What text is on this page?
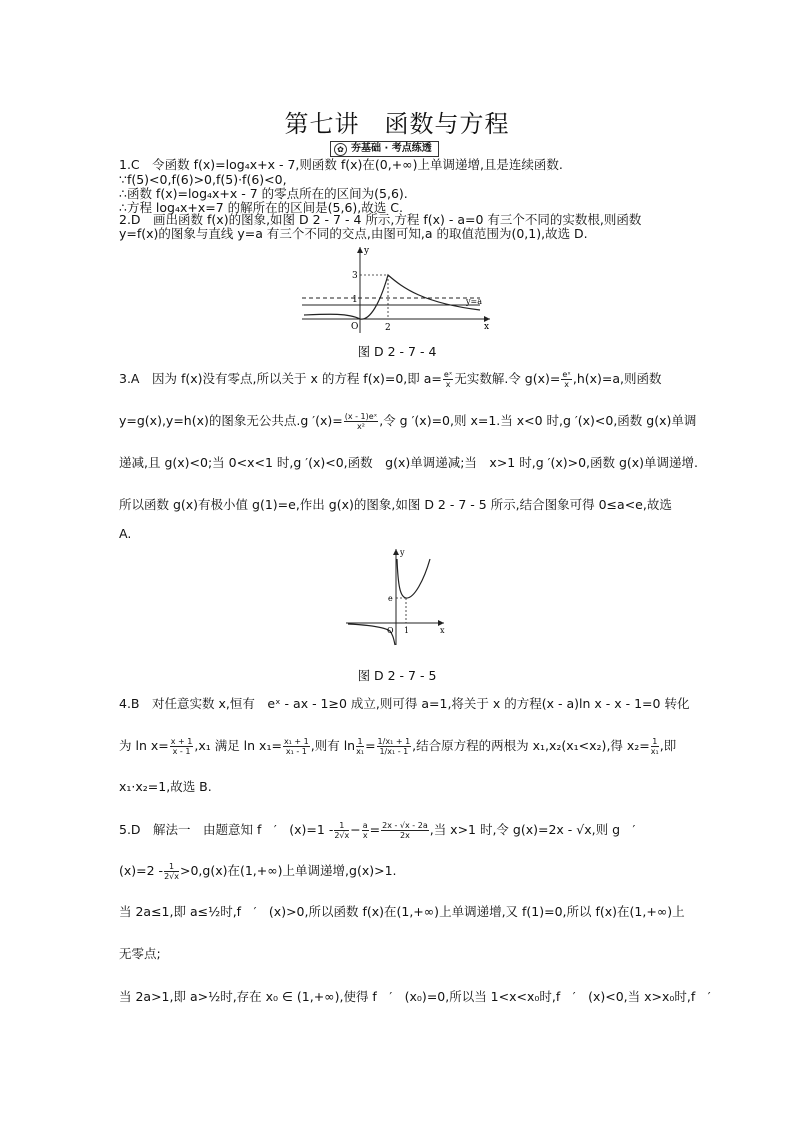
第七讲　函数与方程
✿ 夯基础 · 考点练透
1.C　令函数 f(x)=log₄x+x - 7,则函数 f(x)在(0,+∞)上单调递增,且是连续函数.
∵f(5)<0,f(6)>0,f(5)·f(6)<0,
∴函数 f(x)=log₄x+x - 7 的零点所在的区间为(5,6).
∴方程 log₄x+x=7 的解所在的区间是(5,6),故选 C.
2.D　画出函数 f(x)的图象,如图 D 2 - 7 - 4 所示,方程 f(x) - a=0 有三个不同的实数根,则函数
y=f(x)的图象与直线 y=a 有三个不同的交点,由图可知,a 的取值范围为(0,1),故选 D.
y
x
O
3
1
2
y=a
图 D 2 - 7 - 4
3.A　因为 f(x)没有零点,所以关于 x 的方程 f(x)=0,即 $a= \frac{\text{eˣ}}{x}$ 无实数解.令 $g(x)= \frac{\text{eˣ}}{x} ,h(x)=a$,则函数
y=g(x),y=h(x)的图象无公共点.g $'(x)= \frac{\text{(x - 1)eˣ}}{\text{x²}}$ ,令 g ′(x)=0,则 x=1.当 x<0 时,g ′(x)<0,函数 g(x)单调
递减,且 g(x)<0;当 0<x<1 时,g ′(x)<0,函数　g(x)单调递减;当　x>1 时,g ′(x)>0,函数 g(x)单调递增.
所以函数 g(x)有极小值 g(1)=e,作出 g(x)的图象,如图 D 2 - 7 - 5 所示,结合图象可得 0≤a<e,故选
A.
y
x
O
e
1
图 D 2 - 7 - 5
4.B　对任意实数 x,恒有　eˣ - ax - 1≥0 成立,则可得 a=1,将关于 x 的方程(x - a)ln x - x - 1=0 转化
为 $\ln x= \frac{x + 1}{x - 1} ,x_1$ 满足 $\ln x_1= \frac{\text{x₁ + 1}}{\text{x₁ - 1}}$ ,则有 $\ln \frac{1}{\text{x₁}} = \frac{\text{1/x₁ + 1}}{\text{1/x₁ - 1}}$ ,结合原方程的两根为 x₁,x₂(x₁<x₂),得 $x_2= \frac{1}{\text{x₁}}$ ,即
x₁·x₂=1,故选 B.
5.D　解法一　由题意知 f　′　$(x)=1 - \frac{1}{2√x} - \frac{a}{x} = \frac{2x - √x - 2a}{2x}$ ,当 x>1 时,令 g(x)=2x - √x,则 g　′
$(x)=2 - \frac{1}{2√x} >0,g(x)$在(1,+∞)上单调递增,g(x)>1.
当 2a≤1,即 a≤½时,f　′　(x)>0,所以函数 f(x)在(1,+∞)上单调递增,又 f(1)=0,所以 f(x)在(1,+∞)上
无零点;
当 2a>1,即 a>½时,存在 x₀ ∈ (1,+∞),使得 f　′　(x₀)=0,所以当 1<x<x₀时,f　′　(x)<0,当 x>x₀时,f　′
